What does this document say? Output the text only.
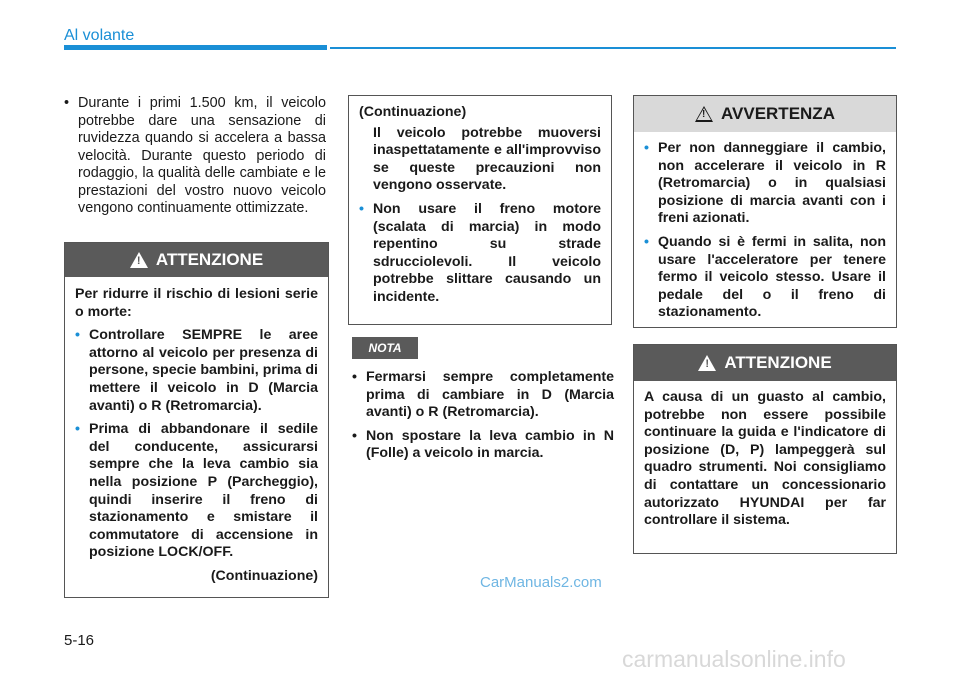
Al volante
• Durante i primi 1.500 km, il veicolo potrebbe dare una sensazione di ruvidezza quando si accelera a bassa velocità. Durante questo periodo di rodaggio, la qualità delle cambiate e le prestazioni del vostro nuovo veicolo vengono continuamente ottimizzate.
!
ATTENZIONE

Per ridurre il rischio di lesioni serie o morte:

• Controllare SEMPRE le aree attorno al veicolo per presenza di persone, specie bambini, prima di mettere il veicolo in D (Marcia avanti) o R (Retromarcia).
• Prima di abbandonare il sedile del conducente, assicurarsi sempre che la leva cambio sia nella posizione P (Parcheggio), quindi inserire il freno di stazionamento e smistare il commutatore di accensione in posizione LOCK/OFF.
(Continuazione)

(Continuazione)

Il veicolo potrebbe muoversi inaspettatamente e all'improvviso se queste precauzioni non vengono osservate.

• Non usare il freno motore (scalata di marcia) in modo repentino su strade sdrucciolevoli. Il veicolo potrebbe slittare causando un incidente.
NOTA
• Fermarsi sempre completamente prima di cambiare in D (Marcia avanti) o R (Retromarcia).
• Non spostare la leva cambio in N (Folle) a veicolo in marcia.
!
AVVERTENZA
• Per non danneggiare il cambio, non accelerare il veicolo in R (Retromarcia) o in qualsiasi posizione di marcia avanti con i freni azionati.
• Quando si è fermi in salita, non usare l'acceleratore per tenere fermo il veicolo stesso. Usare il pedale del o il freno di stazionamento.
!
ATTENZIONE

A causa di un guasto al cambio, potrebbe non essere possibile continuare la guida e l'indicatore di posizione (D, P) lampeggerà sul quadro strumenti. Noi consigliamo di contattare un concessionario autorizzato HYUNDAI per far controllare il sistema.

CarManuals2.com
5-16
carmanualsonline.info
